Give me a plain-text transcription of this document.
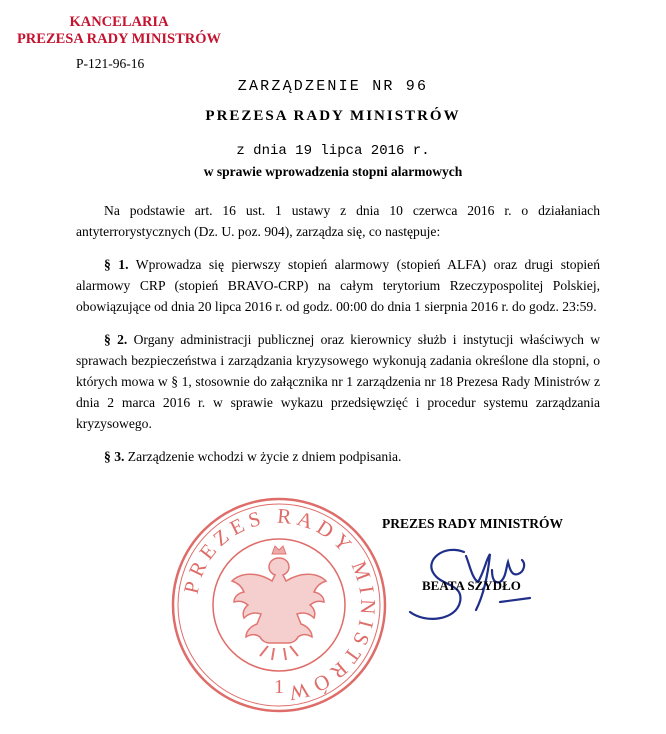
KANCELARIA
PREZESA RADY MINISTRÓW
P-121-96-16
ZARZĄDZENIE NR 96
PREZESA RADY MINISTRÓW
z dnia 19 lipca 2016 r.
w sprawie wprowadzenia stopni alarmowych

Na podstawie art. 16 ust. 1 ustawy z dnia 10 czerwca 2016 r. o działaniach antyterrorystycznych (Dz. U. poz. 904), zarządza się, co następuje:

§ 1. Wprowadza się pierwszy stopień alarmowy (stopień ALFA) oraz drugi stopień alarmowy CRP (stopień BRAVO-CRP) na całym terytorium Rzeczypospolitej Polskiej, obowiązujące od dnia 20 lipca 2016 r. od godz. 00:00 do dnia 1 sierpnia 2016 r. do godz. 23:59.

§ 2. Organy administracji publicznej oraz kierownicy służb i instytucji właściwych w sprawach bezpieczeństwa i zarządzania kryzysowego wykonują zadania określone dla stopni, o których mowa w § 1, stosownie do załącznika nr 1 zarządzenia nr 18 Prezesa Rady Ministrów z dnia 2 marca 2016 r. w sprawie wykazu przedsięwzięć i procedur systemu zarządzania kryzysowego.

§ 3. Zarządzenie wchodzi w życie z dniem podpisania.

PREZES RADY MINISTRÓW
1
PREZES RADY MINISTRÓW
BEATA SZYDŁO
